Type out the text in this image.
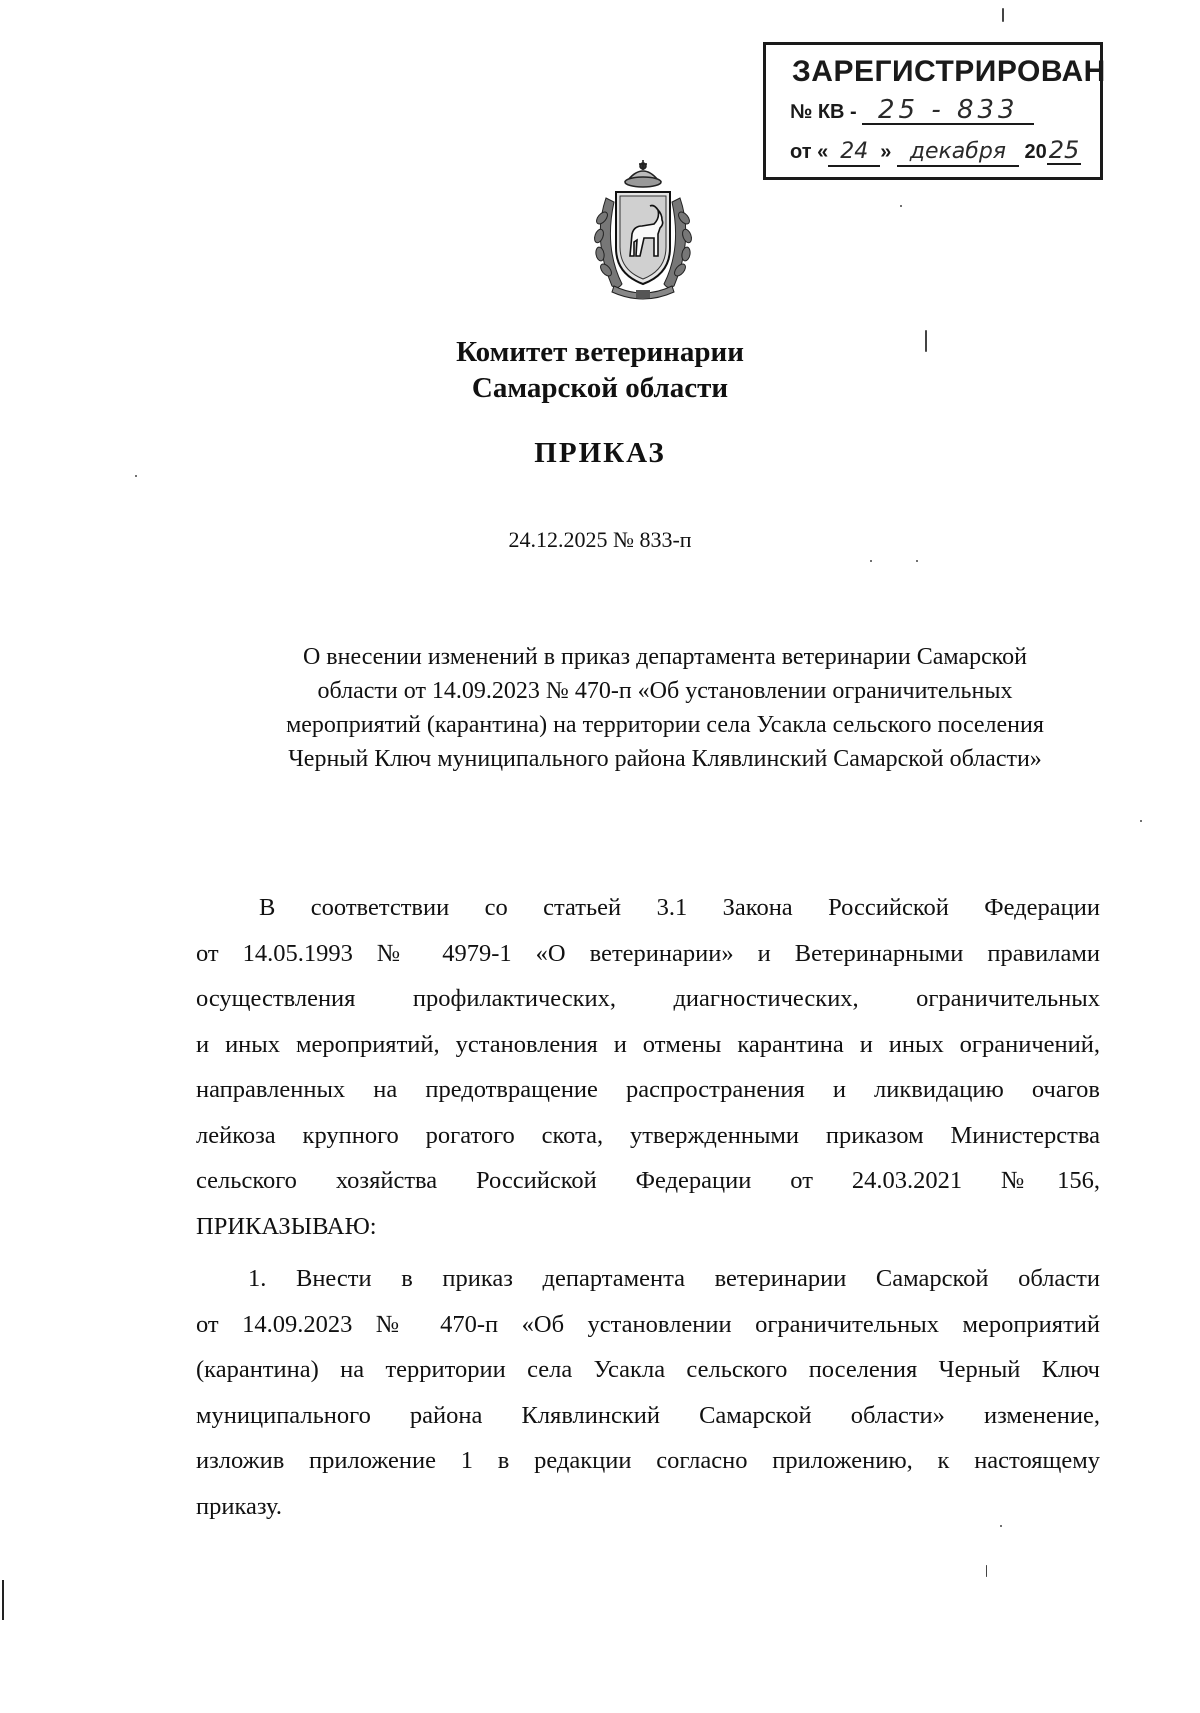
ЗАРЕГИСТРИРОВАН
№ КВ - 25 - 833
от « 24 » декабря 2025
Комитет ветеринарии
Самарской области
ПРИКАЗ
24.12.2025 № 833-п
О внесении изменений в приказ департамента ветеринарии Самарской
области от 14.09.2023 № 470-п «Об установлении ограничительных
мероприятий (карантина) на территории села Усакла сельского поселения
Черный Ключ муниципального района Клявлинский Самарской области»
В соответствии со статьей 3.1 Закона Российской Федерации
от 14.05.1993 № 4979-1 «О ветеринарии» и Ветеринарными правилами
осуществления профилактических, диагностических, ограничительных
и иных мероприятий, установления и отмены карантина и иных ограничений,
направленных на предотвращение распространения и ликвидацию очагов
лейкоза крупного рогатого скота, утвержденными приказом Министерства
сельского хозяйства Российской Федерации от 24.03.2021 №156,
ПРИКАЗЫВАЮ:
1. Внести в приказ департамента ветеринарии Самарской области
от 14.09.2023 № 470-п «Об установлении ограничительных мероприятий
(карантина) на территории села Усакла сельского поселения Черный Ключ
муниципального района Клявлинский Самарской области» изменение,
изложив приложение 1 в редакции согласно приложению, к настоящему
приказу.
